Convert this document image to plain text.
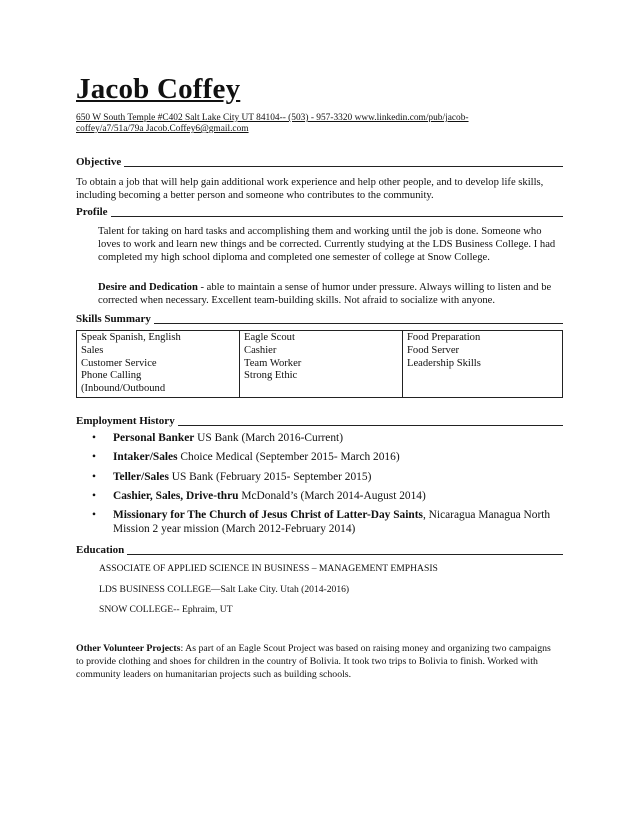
Jacob Coffey
650 W South Temple #C402 Salt Lake City UT 84104-- (503) - 957-3320 www.linkedin.com/pub/jacob-
coffey/a7/51a/79a Jacob.Coffey6@gmail.com
Objective
To obtain a job that will help gain additional work experience and help other people, and to develop life skills, including becoming a better person and someone who contributes to the community.
Profile
Talent for taking on hard tasks and accomplishing them and working until the job is done. Someone who loves to work and learn new things and be corrected. Currently studying at the LDS Business College. I had completed my high school diploma and completed one semester of college at Snow College.
Desire and Dedication - able to maintain a sense of humor under pressure. Always willing to listen and be corrected when necessary. Excellent team-building skills. Not afraid to socialize with anyone.
Skills Summary
Speak Spanish, English
Sales
Customer Service
Phone Calling
(Inbound/Outbound
Eagle Scout
Cashier
Team Worker
Strong Ethic
Food Preparation
Food Server
Leadership Skills
Employment History
• Personal Banker US Bank (March 2016-Current)
• Intaker/Sales Choice Medical (September 2015- March 2016)
• Teller/Sales US Bank (February 2015- September 2015)
• Cashier, Sales, Drive-thru McDonald’s (March 2014-August 2014)
• Missionary for The Church of Jesus Christ of Latter-Day Saints, Nicaragua Managua North Mission 2 year mission (March 2012-February 2014)
Education
ASSOCIATE OF APPLIED SCIENCE IN BUSINESS – MANAGEMENT EMPHASIS
LDS BUSINESS COLLEGE—Salt Lake City. Utah (2014-2016)
SNOW COLLEGE-- Ephraim, UT
Other Volunteer Projects: As part of an Eagle Scout Project was based on raising money and organizing two campaigns to provide clothing and shoes for children in the country of Bolivia. It took two trips to Bolivia to finish. Worked with community leaders on humanitarian projects such as building schools.
